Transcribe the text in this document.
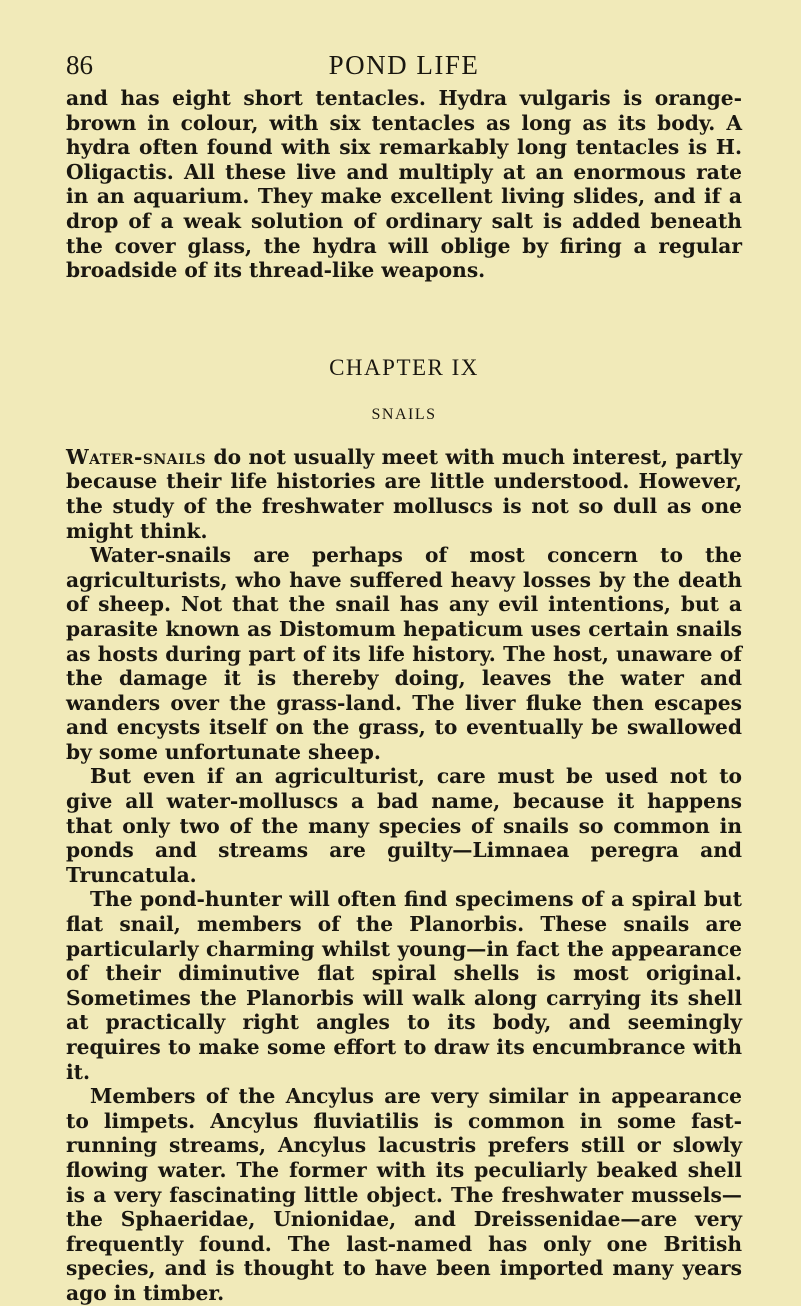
86	POND LIFE

and has eight short tentacles. Hydra vulgaris is orange-brown in colour, with six tentacles as long as its body. A hydra often found with six remarkably long tentacles is H. Oligactis. All these live and multiply at an enormous rate in an aquarium. They make excellent living slides, and if a drop of a weak solution of ordinary salt is added beneath the cover glass, the hydra will oblige by firing a regular broadside of its thread-like weapons.

CHAPTER IX
SNAILS

Water-snails do not usually meet with much interest, partly because their life histories are little understood. However, the study of the freshwater molluscs is not so dull as one might think.

Water-snails are perhaps of most concern to the agriculturists, who have suffered heavy losses by the death of sheep. Not that the snail has any evil intentions, but a parasite known as Distomum hepaticum uses certain snails as hosts during part of its life history. The host, unaware of the damage it is thereby doing, leaves the water and wanders over the grass-land. The liver fluke then escapes and encysts itself on the grass, to eventually be swallowed by some unfortunate sheep.

But even if an agriculturist, care must be used not to give all water-molluscs a bad name, because it happens that only two of the many species of snails so common in ponds and streams are guilty—Limnaea peregra and Truncatula.

The pond-hunter will often find specimens of a spiral but flat snail, members of the Planorbis. These snails are particularly charming whilst young—in fact the appearance of their diminutive flat spiral shells is most original. Sometimes the Planorbis will walk along carrying its shell at practically right angles to its body, and seemingly requires to make some effort to draw its encumbrance with it.

Members of the Ancylus are very similar in appearance to limpets. Ancylus fluviatilis is common in some fast-running streams, Ancylus lacustris prefers still or slowly flowing water. The former with its peculiarly beaked shell is a very fascinating little object. The freshwater mussels—the Sphaeridae, Unionidae, and Dreissenidae—are very frequently found. The last-named has only one British species, and is thought to have been imported many years ago in timber.
